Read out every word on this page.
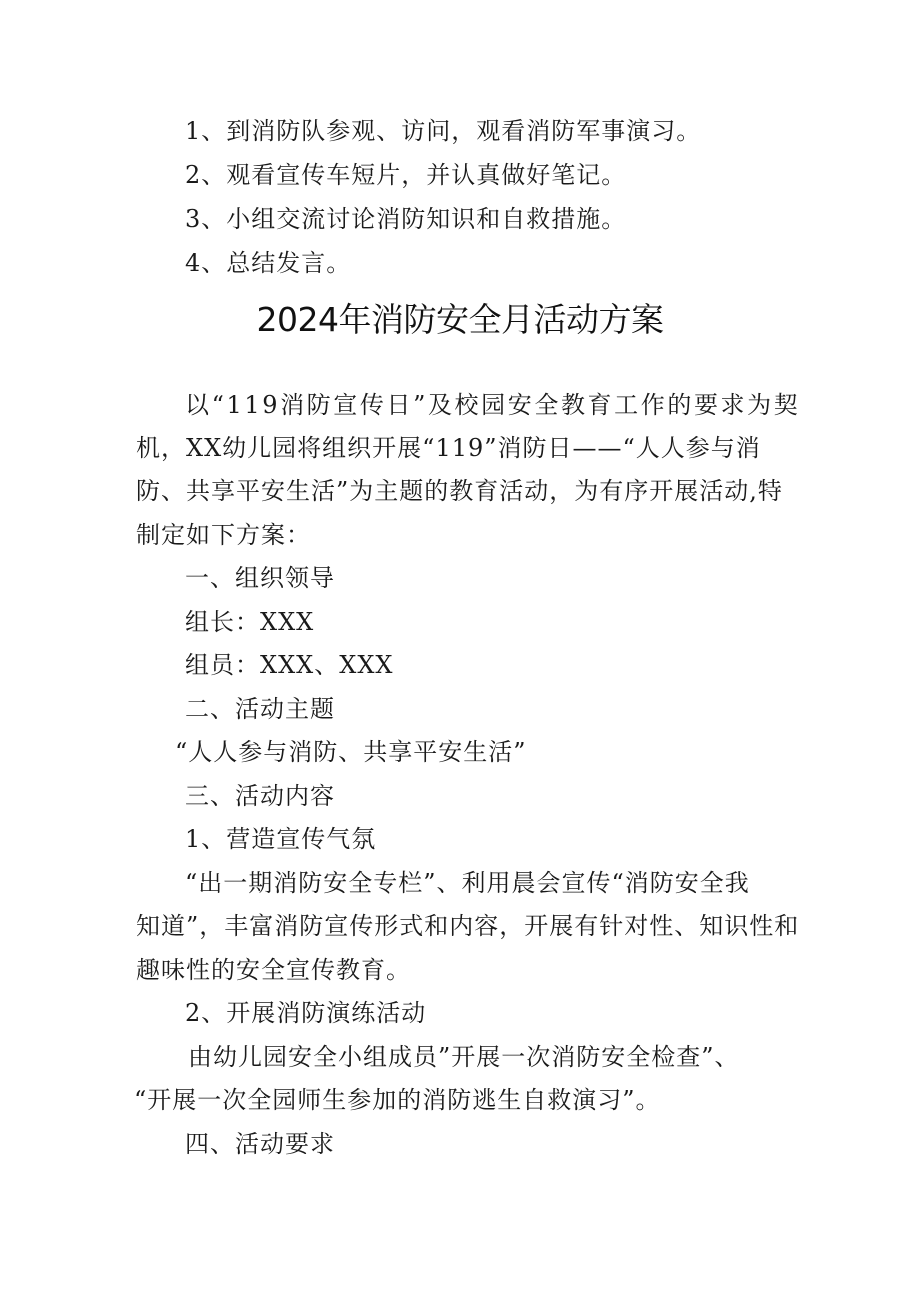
1、到消防队参观、访问，观看消防军事演习。
2、观看宣传车短片，并认真做好笔记。
3、小组交流讨论消防知识和自救措施。
4、总结发言。
2024年消防安全月活动方案
以“119消防宣传日”及校园安全教育工作的要求为契
机，XX幼儿园将组织开展“119”消防日——“人人参与消
防、共享平安生活”为主题的教育活动，为有序开展活动,特
制定如下方案：
一、组织领导
组长：XXX
组员：XXX、XXX
二、活动主题
“人人参与消防、共享平安生活”
三、活动内容
1、营造宣传气氛
“出一期消防安全专栏”、利用晨会宣传“消防安全我
知道”，丰富消防宣传形式和内容，开展有针对性、知识性和
趣味性的安全宣传教育。
2、开展消防演练活动
由幼儿园安全小组成员”开展一次消防安全检查”、
“开展一次全园师生参加的消防逃生自救演习”。
四、活动要求
